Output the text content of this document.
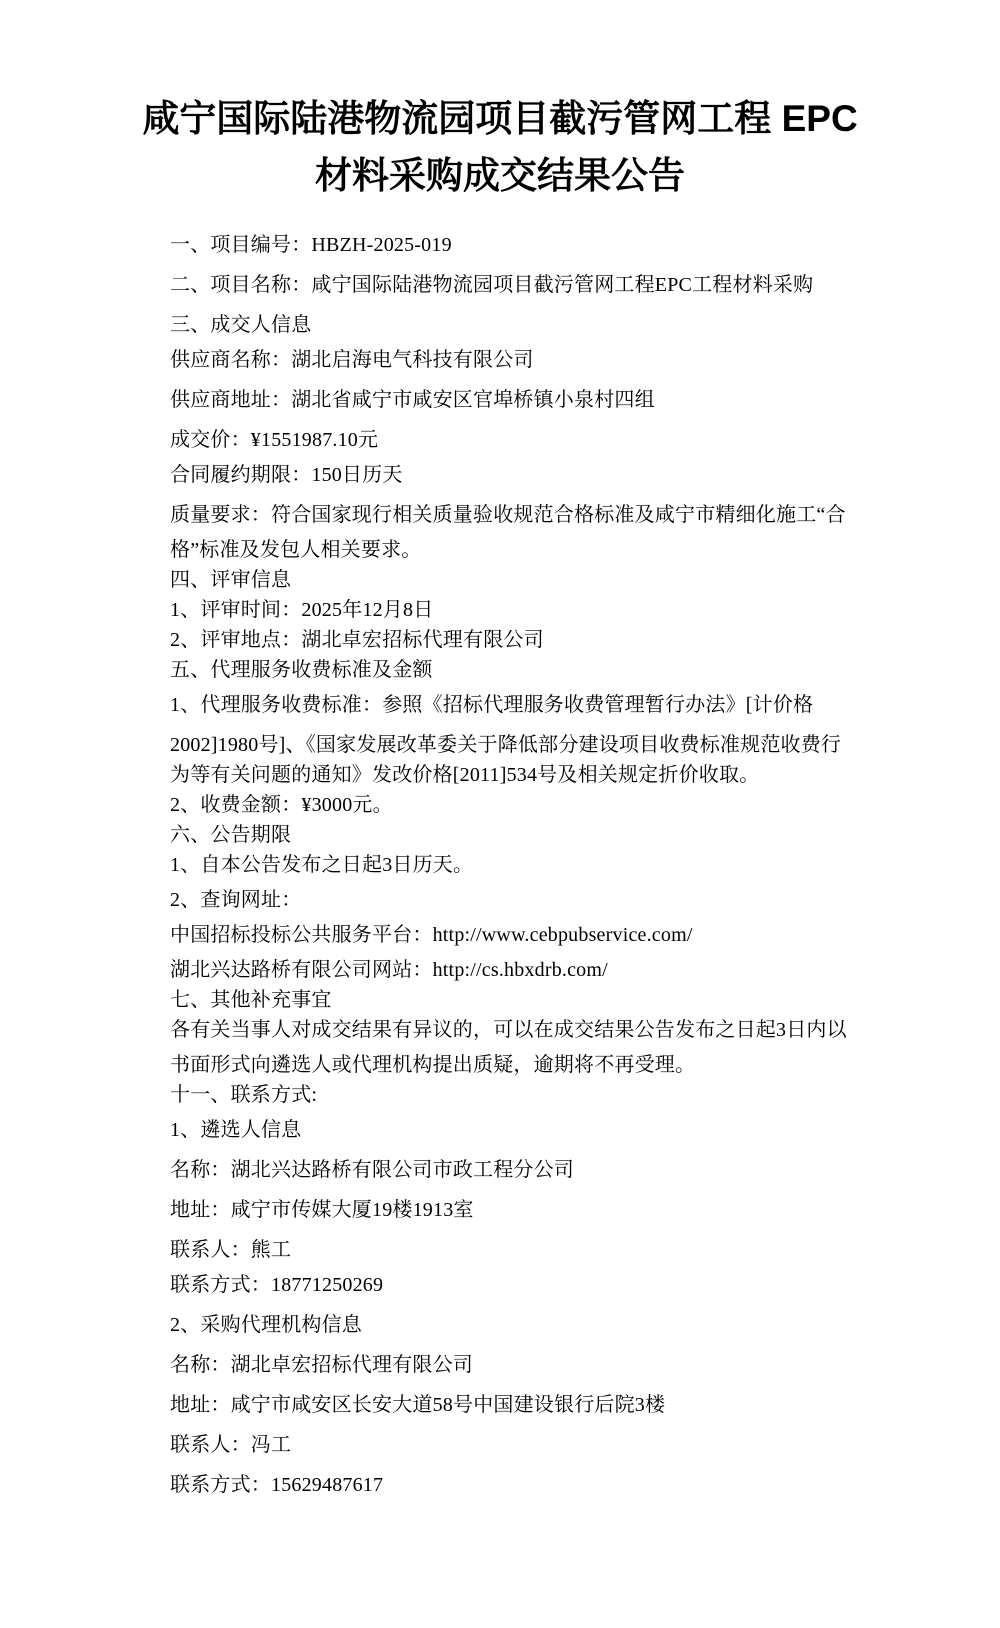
咸宁国际陆港物流园项目截污管网工程 EPC
材料采购成交结果公告

一、项目编号：HBZH-2025-019

二、项目名称：咸宁国际陆港物流园项目截污管网工程EPC工程材料采购

三、成交人信息

供应商名称：湖北启海电气科技有限公司

供应商地址：湖北省咸宁市咸安区官埠桥镇小泉村四组

成交价：¥1551987.10元

合同履约期限：150日历天

质量要求：符合国家现行相关质量验收规范合格标准及咸宁市精细化施工“合

格”标准及发包人相关要求。

四、评审信息

1、评审时间：2025年12月8日

2、评审地点：湖北卓宏招标代理有限公司

五、代理服务收费标准及金额

1、代理服务收费标准：参照《招标代理服务收费管理暂行办法》[计价格

2002]1980号]、《国家发展改革委关于降低部分建设项目收费标准规范收费行

为等有关问题的通知》发改价格[2011]534号及相关规定折价收取。

2、收费金额：¥3000元。

六、公告期限

1、自本公告发布之日起3日历天。

2、查询网址：

中国招标投标公共服务平台：http://www.cebpubservice.com/

湖北兴达路桥有限公司网站：http://cs.hbxdrb.com/

七、其他补充事宜

各有关当事人对成交结果有异议的，可以在成交结果公告发布之日起3日内以

书面形式向遴选人或代理机构提出质疑，逾期将不再受理。

十一、联系方式:

1、遴选人信息

名称：湖北兴达路桥有限公司市政工程分公司

地址：咸宁市传媒大厦19楼1913室

联系人：熊工

联系方式：18771250269

2、采购代理机构信息

名称：湖北卓宏招标代理有限公司

地址：咸宁市咸安区长安大道58号中国建设银行后院3楼

联系人：冯工

联系方式：15629487617
